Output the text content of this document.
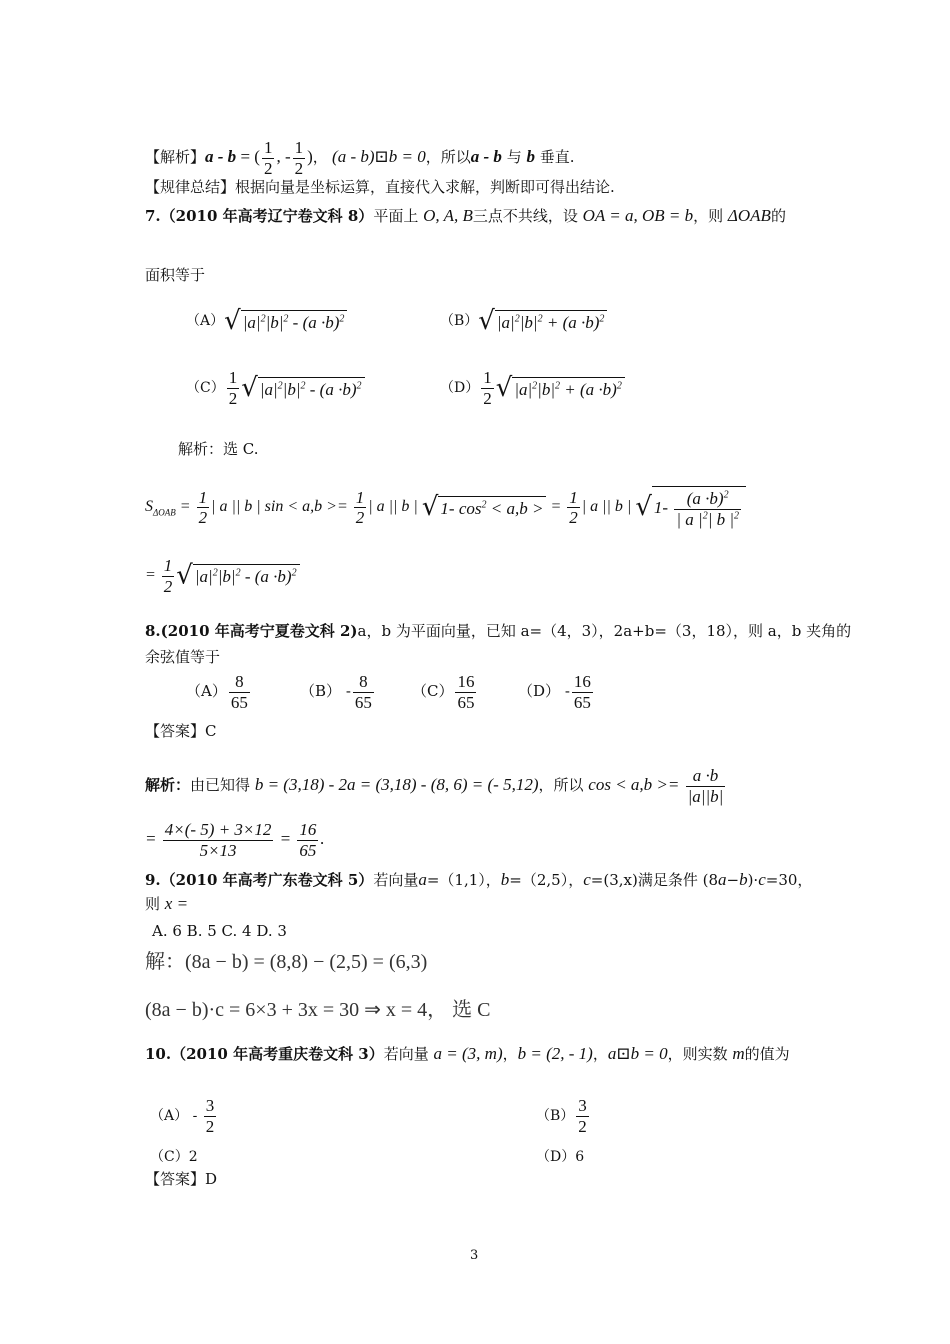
【解析】a - b = ( $\frac{1}{2}$ , - $\frac{1}{2}$ )， (a - b)⊡b = 0，所以a - b 与 b 垂直.
【规律总结】根据向量是坐标运算，直接代入求解，判断即可得出结论.
7.（2010 年高考辽宁卷文科 8）平面上 O, A, B三点不共线，设 OA = a, OB = b，则 ΔOAB的
面积等于
（A）√ $|a|^2|b|^2 - (a \cdot b)^2$	（B）√ $|a|^2|b|^2 + (a \cdot b)^2$
$(C) \frac{1}{2}$ √ $|a|^2|b|^2 - (a \cdot b)^2$	$(D) \frac{1}{2}$ √ $|a|^2|b|^2 + (a \cdot b)^2$
解析：选 C.
$S_{\Delta OAB} = \frac{1}{2}$ | a || b | $\sin < a,b >= \frac{1}{2}$ | a || b | √ 1- $\cos^2 < a,b$ > = $\frac{1}{2}$ | a || b | √ $1- \frac{(a \cdot b)^2}{| a |^2| b |^2}$
= $\frac{1}{2}$ √ $|a|^2|b|^2 - (a \cdot b)^2$
8.(2010 年高考宁夏卷文科 2)a，b 为平面向量，已知 a=（4，3），2a+b=（3，18），则 a，b 夹角的
余弦值等于
$(A) \frac{8}{65}$	$(B) - \frac{8}{65}$	$(C) \frac{16}{65}$	$(D) - \frac{16}{65}$
【答案】C
解析：由已知得 b = (3,18) - 2a = (3,18) - (8, 6) = (- 5,12)，所以 $\cos < a,b >= \frac{a \cdot b}{|a||b|}$
= $\frac{4\times(- 5) + 3\times 12}{5\times 13} = \frac{16}{65}$ .
9.（2010 年高考广东卷文科 5）若向量a=（1,1），b=（2,5），c=(3,x)满足条件 (8a−b)·c=30，
则 x =
A. 6 B. 5 C. 4 D. 3
解：(8a − b) = (8,8) − (2,5) = (6,3)
(8a − b)·c = 6×3 + 3x = 30 ⇒ x = 4， 选 C
10.（2010 年高考重庆卷文科 3）若向量 a = (3, m)，b = (2, - 1)，a⊡b = 0，则实数 m的值为
$(A) - \frac{3}{2}$	$(B) \frac{3}{2}$
（C）2	（D）6
【答案】D
3
